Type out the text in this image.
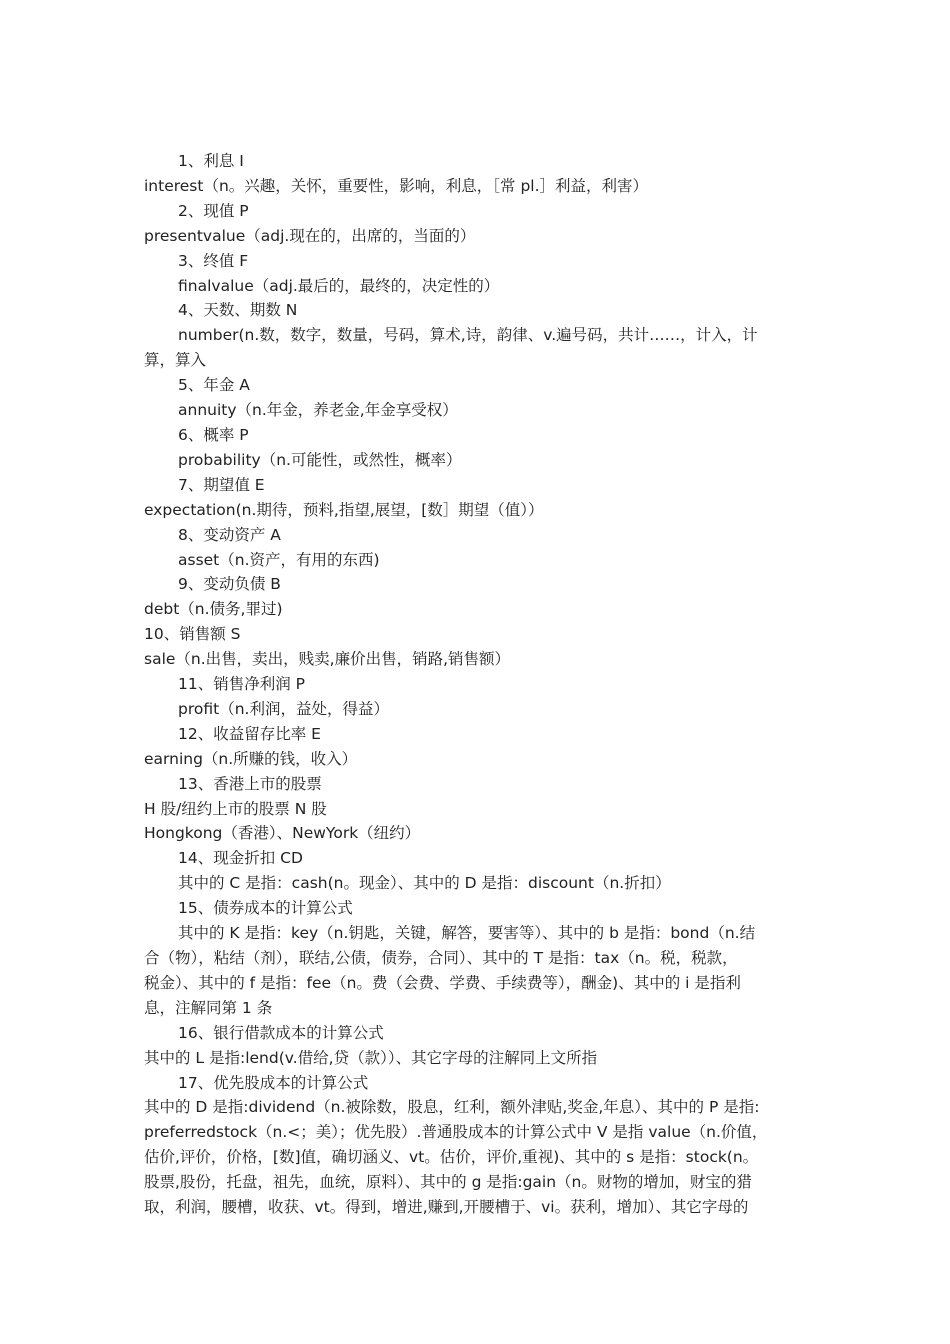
1、利息 I
interest（n。兴趣，关怀，重要性，影响，利息，［常 pl.］利益，利害）
2、现值 P
presentvalue（adj.现在的，出席的，当面的）
3、终值 F
finalvalue（adj.最后的，最终的，决定性的）
4、天数、期数 N
number(n.数，数字，数量，号码，算术,诗，韵律、v.遍号码，共计……，计入，计
算，算入
5、年金 A
annuity（n.年金，养老金,年金享受权）
6、概率 P
probability（n.可能性，或然性，概率）
7、期望值 E
expectation(n.期待，预料,指望,展望，[数］期望（值））
8、变动资产 A
asset（n.资产，有用的东西)
9、变动负债 B
debt（n.债务,罪过)
10、销售额 S
sale（n.出售，卖出，贱卖,廉价出售，销路,销售额）
11、销售净利润 P
profit（n.利润，益处，得益）
12、收益留存比率 E
earning（n.所赚的钱，收入）
13、香港上市的股票
H 股/纽约上市的股票 N 股
Hongkong（香港）、NewYork（纽约）
14、现金折扣 CD
其中的 C 是指：cash(n。现金）、其中的 D 是指：discount（n.折扣）
15、债券成本的计算公式
其中的 K 是指：key（n.钥匙，关键，解答，要害等）、其中的 b 是指：bond（n.结
合（物），粘结（剂），联结,公债，债券，合同）、其中的 T 是指：tax（n。税，税款，
税金）、其中的 f 是指：fee（n。费（会费、学费、手续费等），酬金)、其中的 i 是指利
息，注解同第 1 条
16、银行借款成本的计算公式
其中的 L 是指:lend(v.借给,贷（款））、其它字母的注解同上文所指
17、优先股成本的计算公式
其中的 D 是指:dividend（n.被除数，股息，红利，额外津贴,奖金,年息）、其中的 P 是指:
preferredstock（n.<；美）；优先股）.普通股成本的计算公式中 V 是指 value（n.价值，
估价,评价，价格，[数]值，确切涵义、vt。估价，评价,重视)、其中的 s 是指：stock(n。
股票,股份，托盘，祖先，血统，原料）、其中的 g 是指:gain（n。财物的增加，财宝的猎
取，利润，腰槽，收获、vt。得到，增进,赚到,开腰槽于、vi。获利，增加）、其它字母的
